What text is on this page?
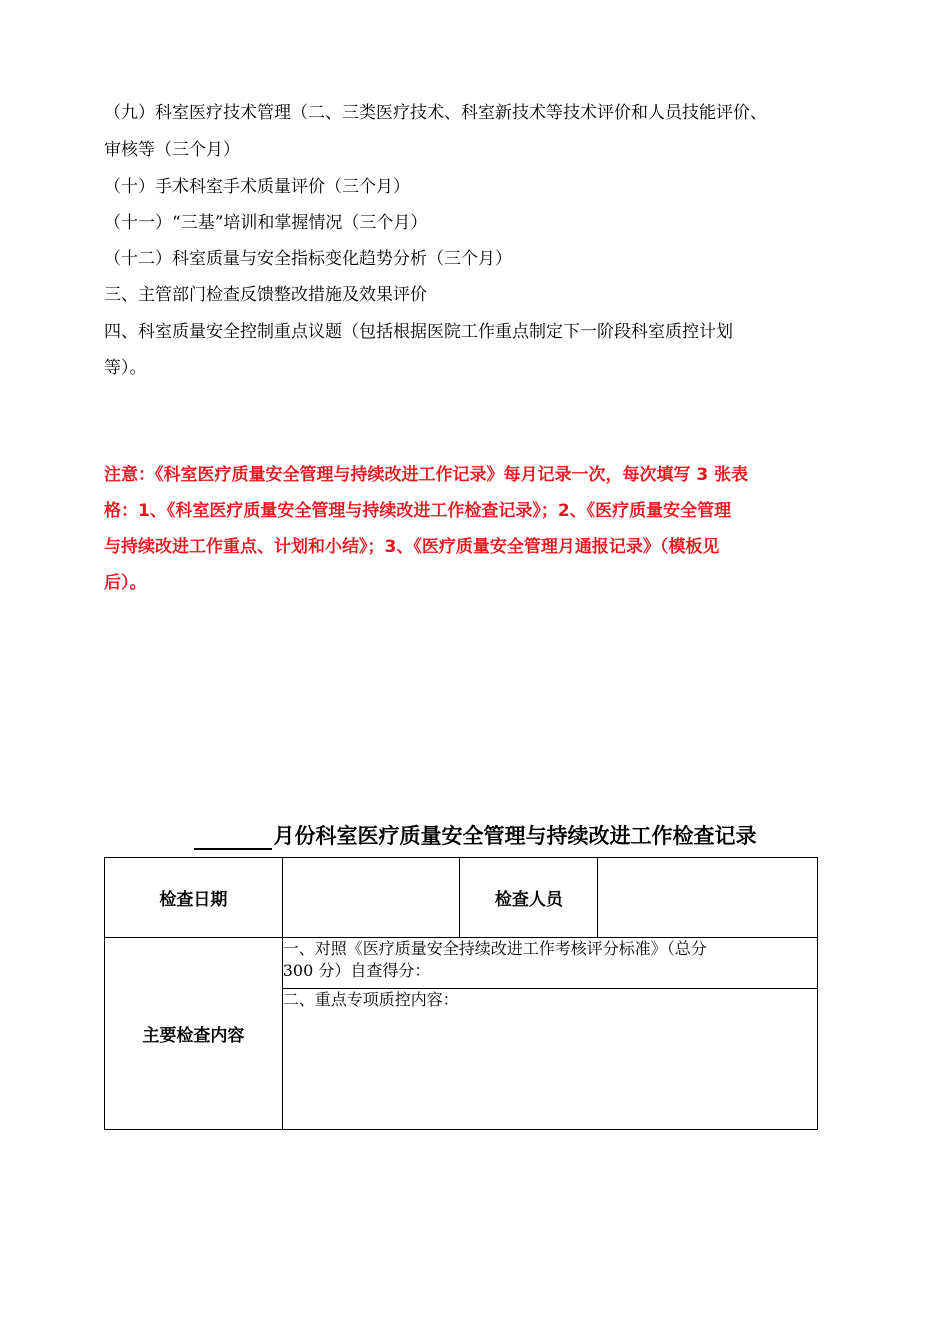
（九）科室医疗技术管理（二、三类医疗技术、科室新技术等技术评价和人员技能评价、
审核等（三个月）
（十）手术科室手术质量评价（三个月）
（十一）“三基”培训和掌握情况（三个月）
（十二）科室质量与安全指标变化趋势分析（三个月）
三、主管部门检查反馈整改措施及效果评价
四、科室质量安全控制重点议题（包括根据医院工作重点制定下一阶段科室质控计划
等）。
注意：《科室医疗质量安全管理与持续改进工作记录》每月记录一次，每次填写 3 张表
格：1、《科室医疗质量安全管理与持续改进工作检查记录》；2、《医疗质量安全管理
与持续改进工作重点、计划和小结》；3、《医疗质量安全管理月通报记录》（模板见
后）。
月份科室医疗质量安全管理与持续改进工作检查记录
检查日期		检查人员	
主要检查内容	一、对照《医疗质量安全持续改进工作考核评分标准》（总分
300 分）自查得分：		

	二、重点专项质控内容：		
